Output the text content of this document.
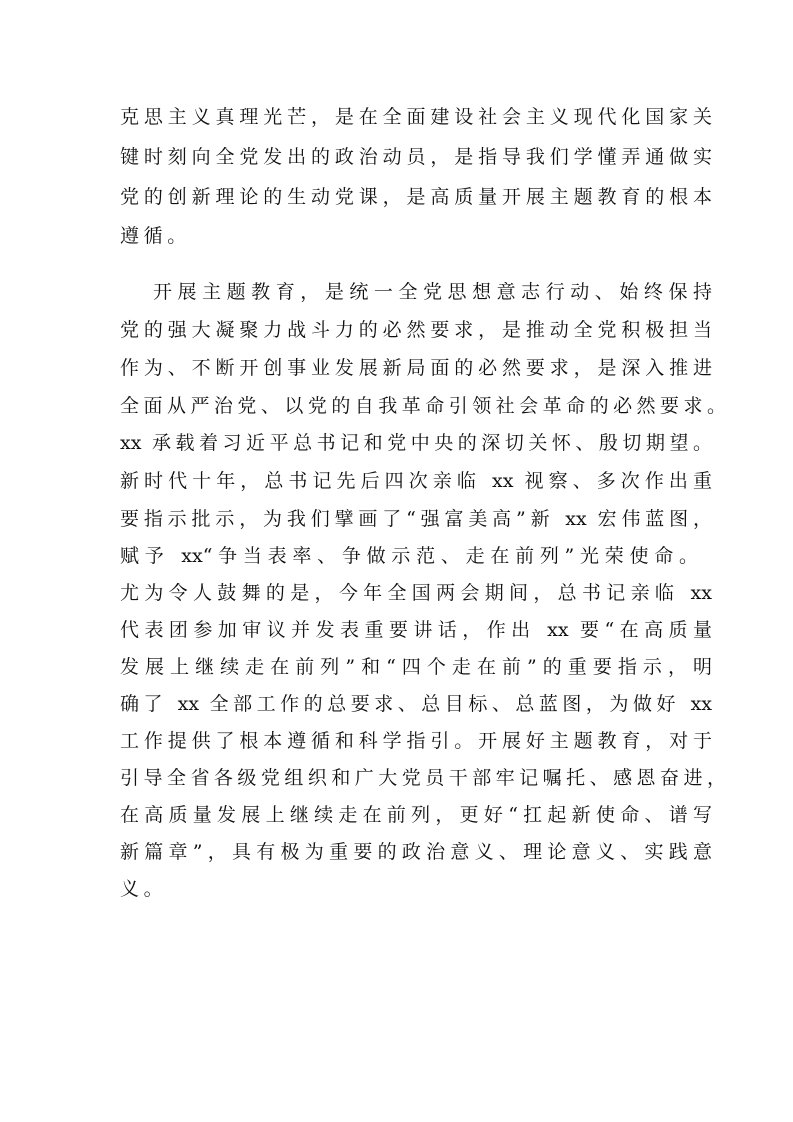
克思主义真理光芒，是在全面建设社会主义现代化国家关
键时刻向全党发出的政治动员，是指导我们学懂弄通做实
党的创新理论的生动党课，是高质量开展主题教育的根本
遵循。
开展主题教育，是统一全党思想意志行动、始终保持
党的强大凝聚力战斗力的必然要求，是推动全党积极担当
作为、不断开创事业发展新局面的必然要求，是深入推进
全面从严治党、以党的自我革命引领社会革命的必然要求。
xx 承载着习近平总书记和党中央的深切关怀、殷切期望。
新时代十年，总书记先后四次亲临 xx 视察、多次作出重
要指示批示，为我们擘画了“强富美高”新 xx 宏伟蓝图，
赋予 xx“争当表率、争做示范、走在前列”光荣使命。
尤为令人鼓舞的是，今年全国两会期间，总书记亲临 xx
代表团参加审议并发表重要讲话，作出 xx 要“在高质量
发展上继续走在前列”和“四个走在前”的重要指示，明
确了 xx 全部工作的总要求、总目标、总蓝图，为做好 xx
工作提供了根本遵循和科学指引。开展好主题教育，对于
引导全省各级党组织和广大党员干部牢记嘱托、感恩奋进，
在高质量发展上继续走在前列，更好“扛起新使命、谱写
新篇章”，具有极为重要的政治意义、理论意义、实践意
义。
